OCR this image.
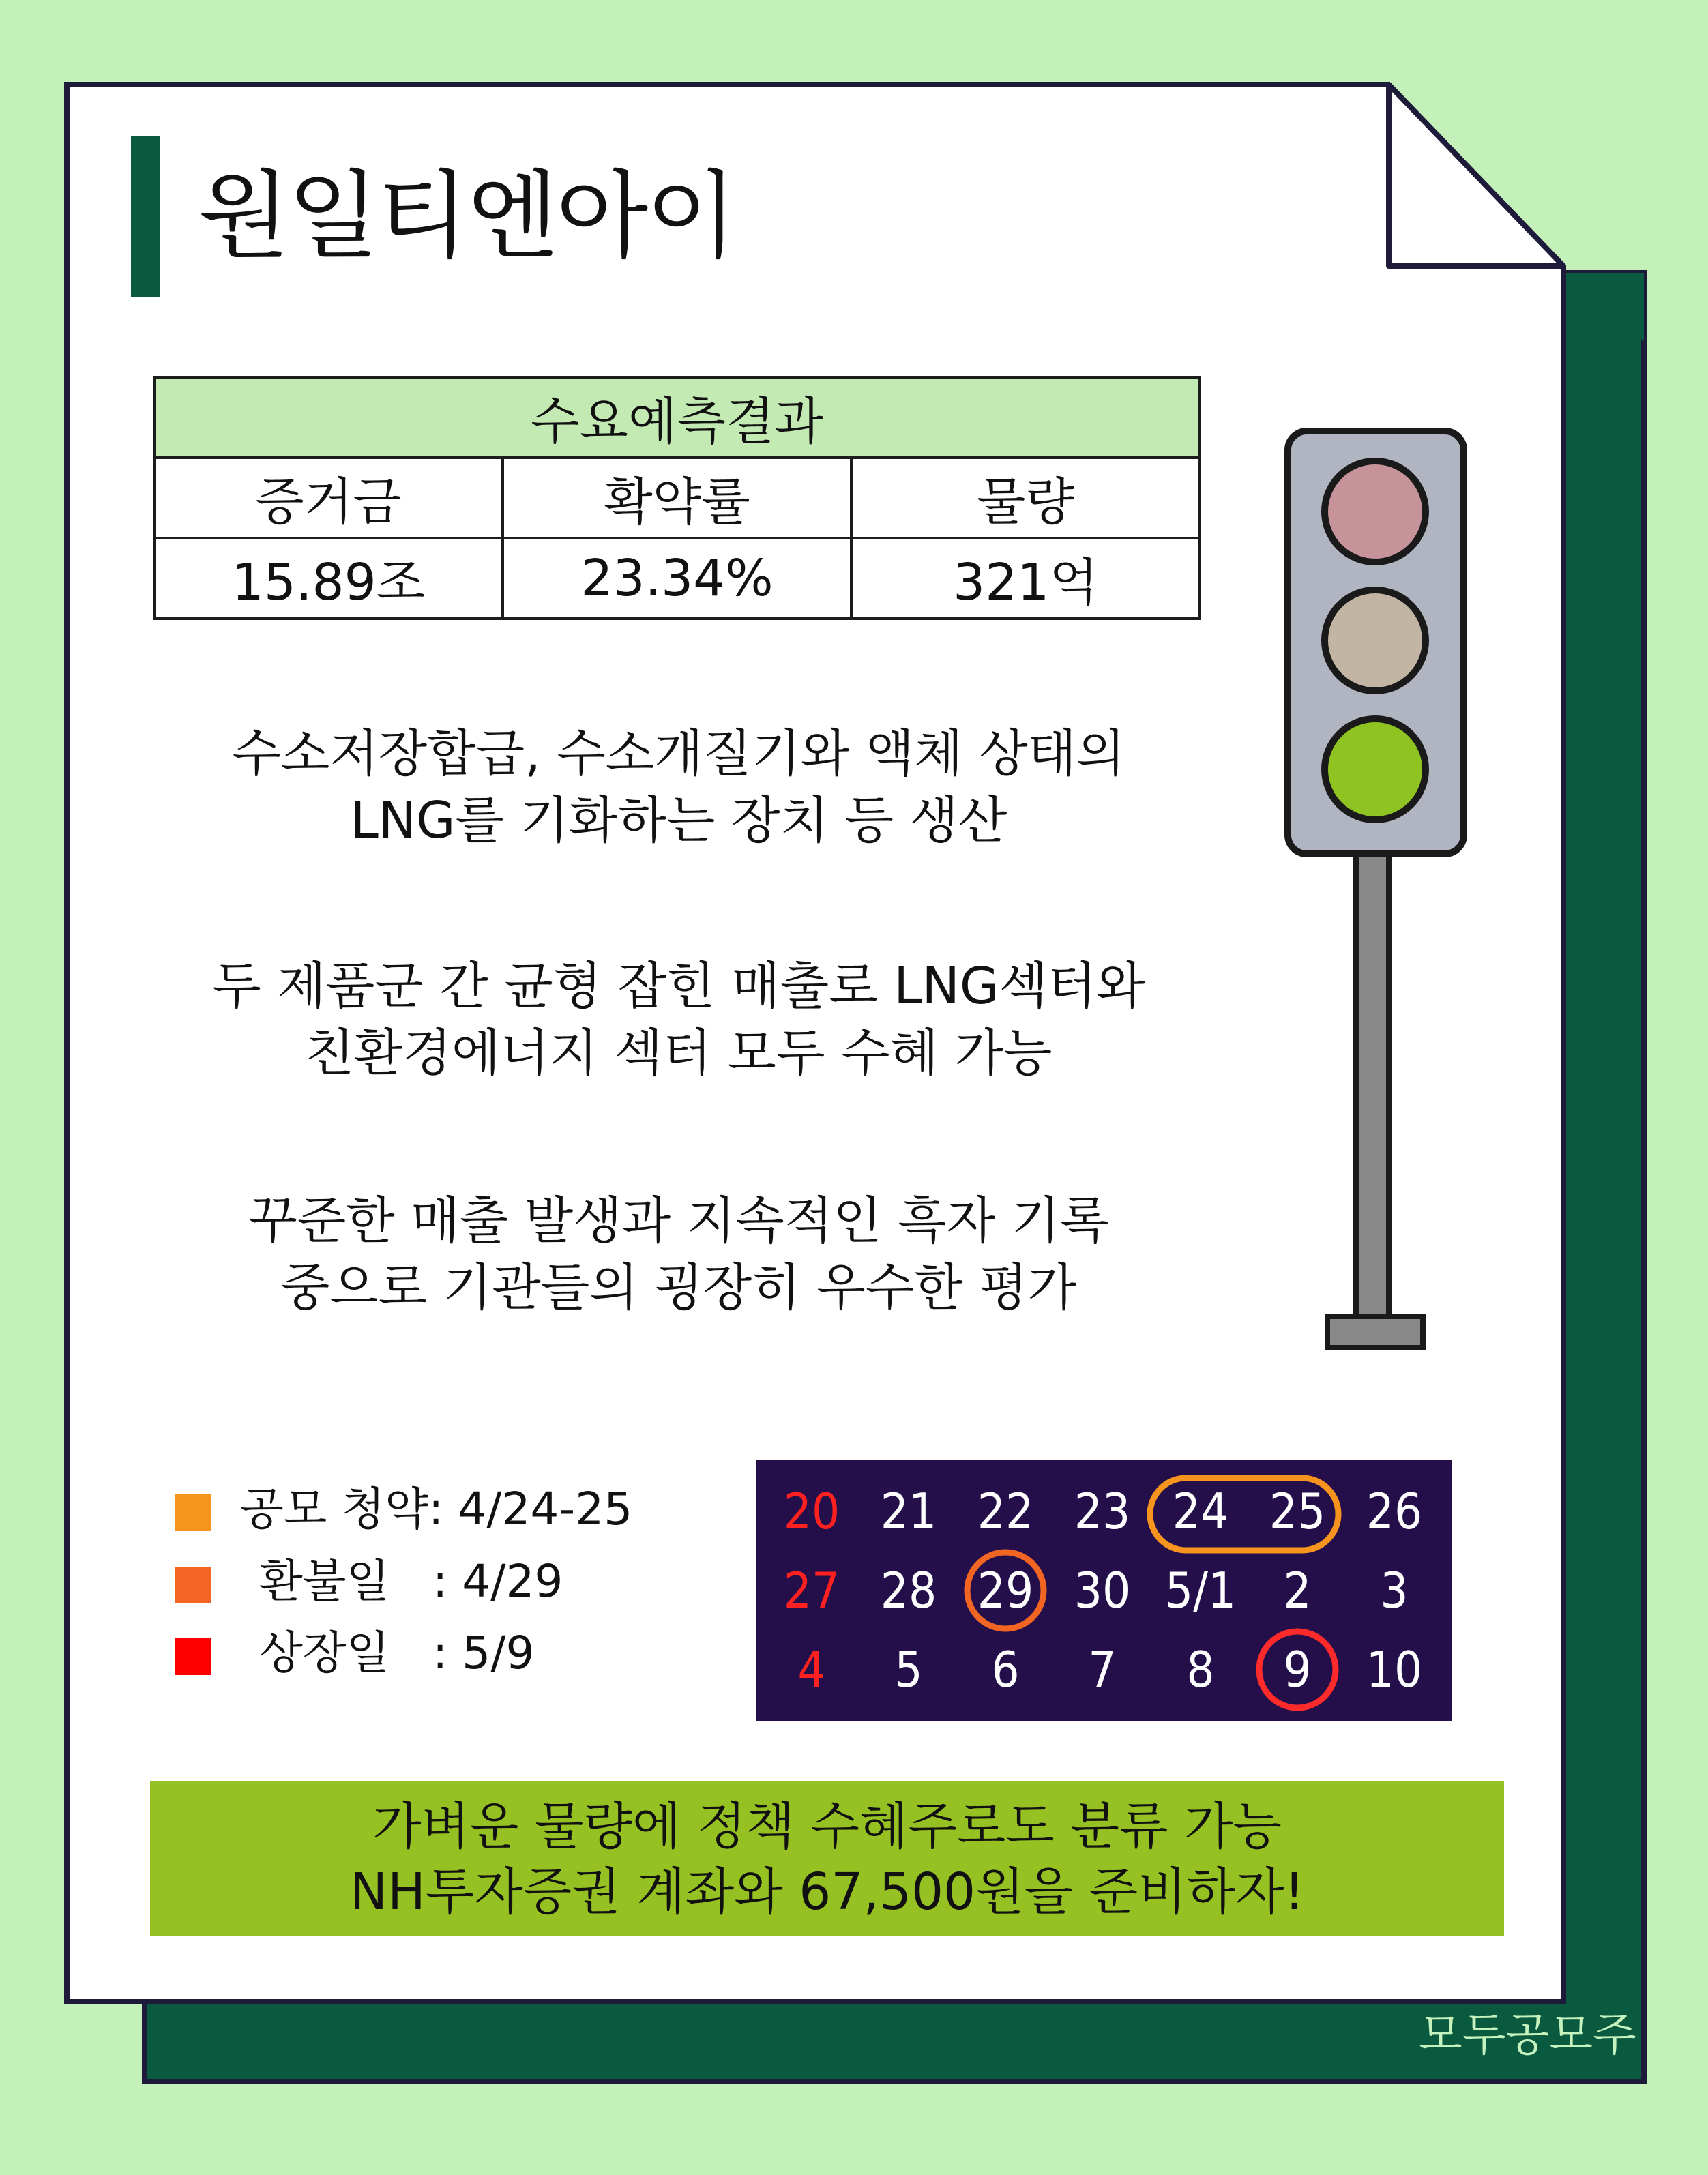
원일티엔아이
수요예측결과		
증거금	확약률	물량
15.89조	23.34%	321억
수소저장합급, 수소개질기와 액체 상태의
LNG를 기화하는 장치 등 생산
두 제품군 간 균형 잡힌 매출로 LNG섹터와
친환경에너지 섹터 모두 수혜 가능
꾸준한 매출 발생과 지속적인 흑자 기록
중으로 기관들의 굉장히 우수한 평가
공모 청약 : 4/24-25
환불일 : 4/29
상장일 : 5/9
20 21 22 23 24 25 26
27 28 29 30 5/1 2	3
4	5	6	7	8	9	10
가벼운 물량에 정책 수혜주로도 분류 가능
NH투자증권 계좌와 67,500원을 준비하자!
모두공모주
